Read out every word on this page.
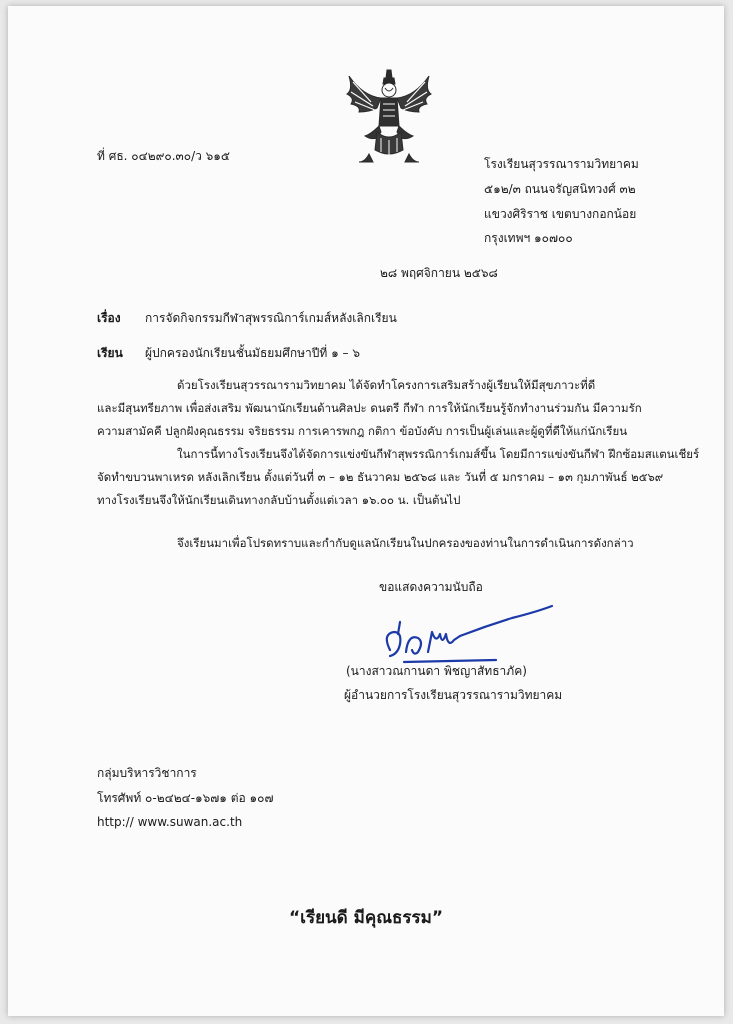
ที่ ศธ. ๐๔๒๙๐.๓๐/ว ๖๑๕
โรงเรียนสุวรรณารามวิทยาคม
๕๑๒/๓ ถนนจรัญสนิทวงศ์ ๓๒
แขวงศิริราช เขตบางกอกน้อย
กรุงเทพฯ ๑๐๗๐๐
๒๘ พฤศจิกายน ๒๕๖๘
เรื่อง การจัดกิจกรรมกีฬาสุพรรณิการ์เกมส์หลังเลิกเรียน
เรียน ผู้ปกครองนักเรียนชั้นมัธยมศึกษาปีที่ ๑ – ๖
ด้วยโรงเรียนสุวรรณารามวิทยาคม ได้จัดทำโครงการเสริมสร้างผู้เรียนให้มีสุขภาวะที่ดี
และมีสุนทรียภาพ เพื่อส่งเสริม พัฒนานักเรียนด้านศิลปะ ดนตรี กีฬา การให้นักเรียนรู้จักทำงานร่วมกัน มีความรัก
ความสามัคคี ปลูกฝังคุณธรรม จริยธรรม การเคารพกฎ กติกา ข้อบังคับ การเป็นผู้เล่นและผู้ดูที่ดีให้แก่นักเรียน
ในการนี้ทางโรงเรียนจึงได้จัดการแข่งขันกีฬาสุพรรณิการ์เกมส์ขึ้น โดยมีการแข่งขันกีฬา ฝึกซ้อมสแตนเชียร์
จัดทำขบวนพาเหรด หลังเลิกเรียน ตั้งแต่วันที่ ๓ – ๑๒ ธันวาคม ๒๕๖๘ และ วันที่ ๕ มกราคม – ๑๓ กุมภาพันธ์ ๒๕๖๙
ทางโรงเรียนจึงให้นักเรียนเดินทางกลับบ้านตั้งแต่เวลา ๑๖.๐๐ น. เป็นต้นไป
จึงเรียนมาเพื่อโปรดทราบและกำกับดูแลนักเรียนในปกครองของท่านในการดำเนินการดังกล่าว
ขอแสดงความนับถือ
(นางสาวณกานดา พิชญาสัทธาภัค)
ผู้อำนวยการโรงเรียนสุวรรณารามวิทยาคม
กลุ่มบริหารวิชาการ
โทรศัพท์ ๐-๒๔๒๔-๑๖๗๑ ต่อ ๑๐๗
http:// www.suwan.ac.th
“เรียนดี มีคุณธรรม”
